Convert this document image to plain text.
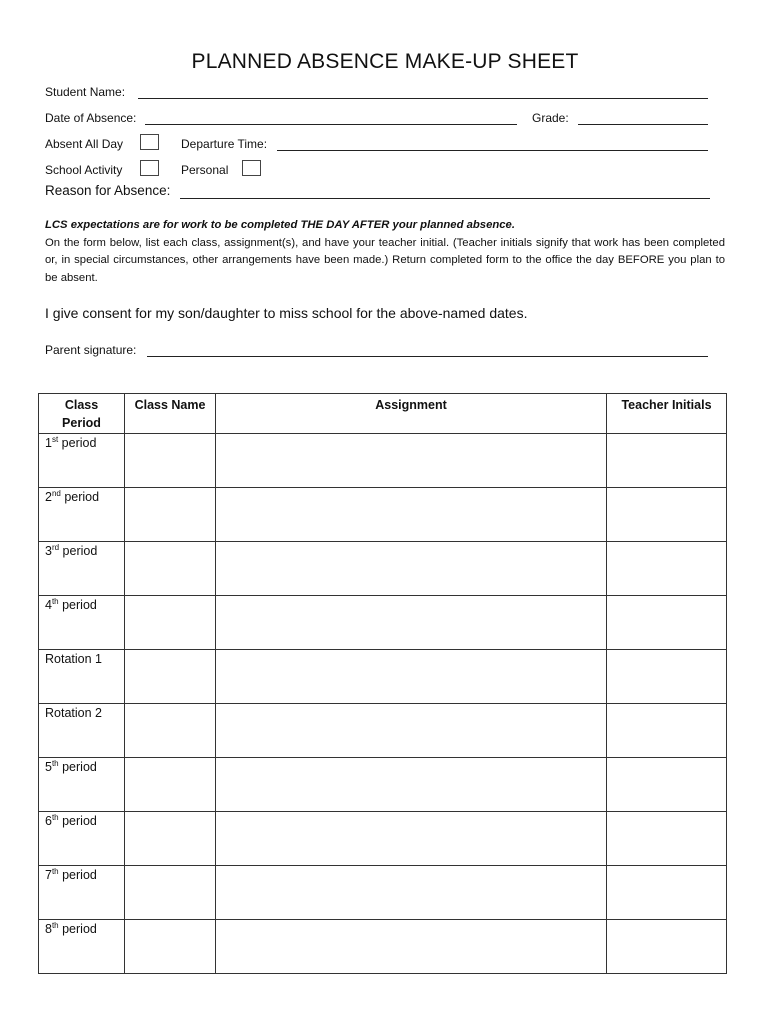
PLANNED ABSENCE MAKE-UP SHEET
Student Name:
Date of Absence:	Grade:
Absent All Day	Departure Time:
School Activity	Personal
Reason for Absence:
LCS expectations are for work to be completed THE DAY AFTER your planned absence.
On the form below, list each class, assignment(s), and have your teacher initial. (Teacher initials signify that work has been completed or, in special circumstances, other arrangements have been made.) Return completed form to the office the day BEFORE you plan to be absent.
I give consent for my son/daughter to miss school for the above-named dates.
Parent signature:
Class
Period	Class Name	Assignment	Teacher Initials
1st period			
2nd period			
3rd period			
4th period			
Rotation 1			
Rotation 2			
5th period			
6th period			
7th period			
8th period			
